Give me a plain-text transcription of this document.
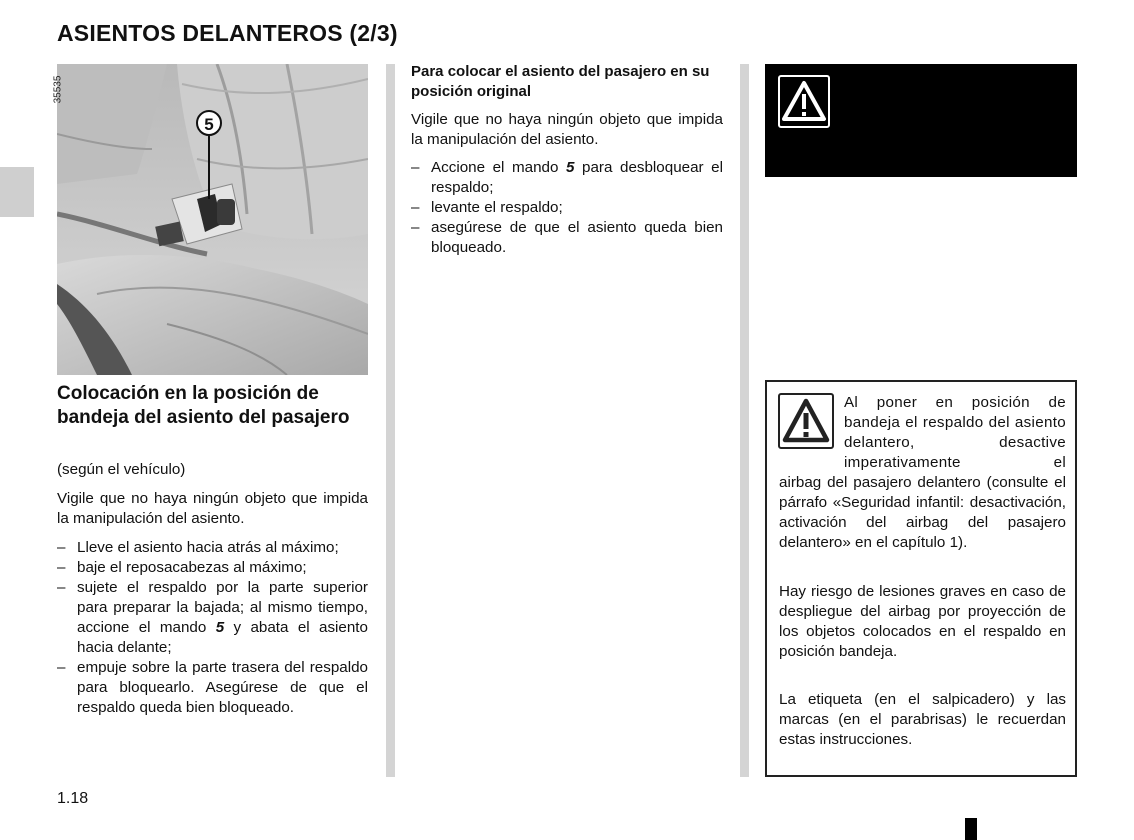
ASIENTOS DELANTEROS (2/3)
5
35535
Colocación en la posición de bandeja del asiento del pasajero
(según el vehículo)
Vigile que no haya ningún objeto que impida la manipulación del asiento.
– Lleve el asiento hacia atrás al máximo;
– baje el reposacabezas al máximo;
– sujete el respaldo por la parte superior para preparar la bajada; al mismo tiempo, accione el mando 5 y abata el asiento hacia delante;
– empuje sobre la parte trasera del respaldo para bloquearlo. Asegúrese de que el respaldo queda bien bloqueado.
Para colocar el asiento del pasajero en su posición original
Vigile que no haya ningún objeto que impida la manipulación del asiento.
– Accione el mando 5 para desbloquear el respaldo;
– levante el respaldo;
– asegúrese de que el asiento queda bien bloqueado.
Al poner en posición de bandeja el respaldo del asiento delantero, desactive imperativamente el
airbag del pasajero delantero (consulte el párrafo «Seguridad infantil: desactivación, activación del airbag del pasajero delantero» en el capítulo 1).
Hay riesgo de lesiones graves en caso de despliegue del airbag por proyección de los objetos colocados en el respaldo en posición bandeja.
La etiqueta (en el salpicadero) y las marcas (en el parabrisas) le recuerdan estas instrucciones.
1.18
